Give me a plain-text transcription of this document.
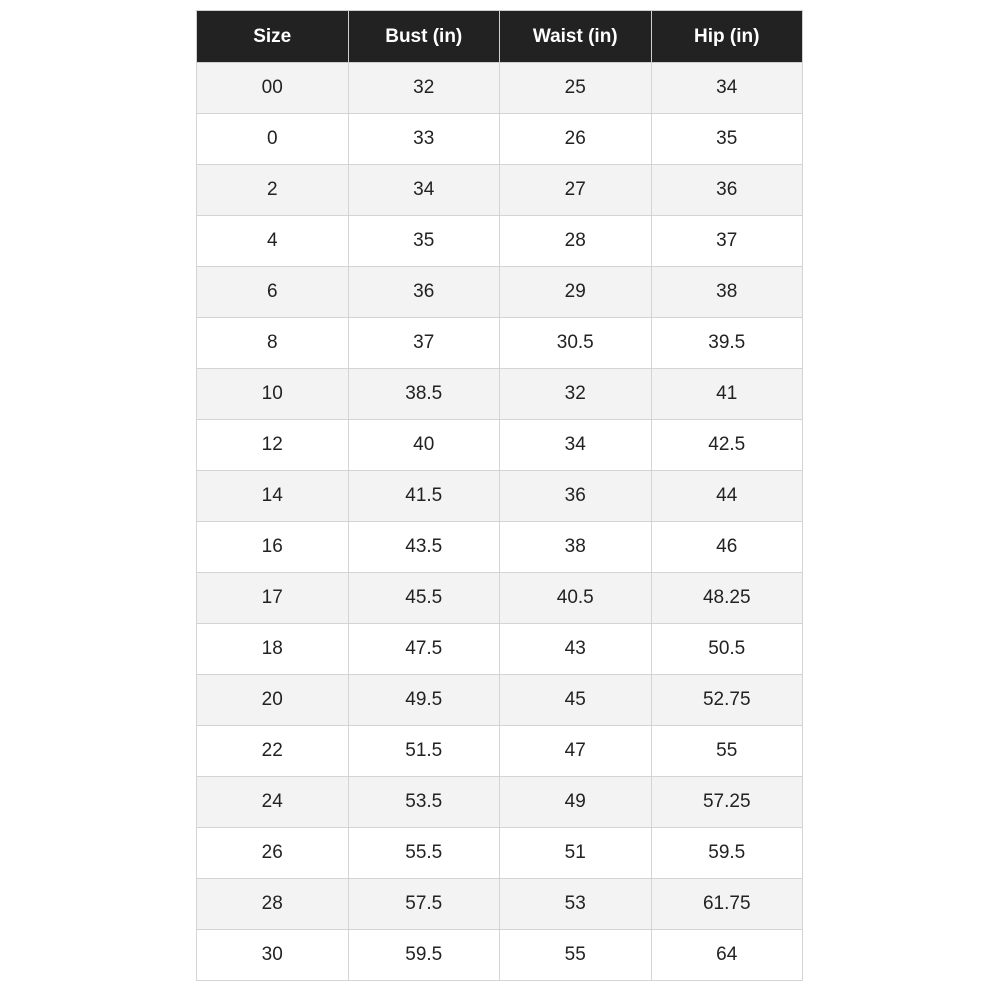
Size	Bust (in)	Waist (in)	Hip (in)
00	32	25	34
0	33	26	35
2	34	27	36
4	35	28	37
6	36	29	38
8	37	30.5	39.5
10	38.5	32	41
12	40	34	42.5
14	41.5	36	44
16	43.5	38	46
17	45.5	40.5	48.25
18	47.5	43	50.5
20	49.5	45	52.75
22	51.5	47	55
24	53.5	49	57.25
26	55.5	51	59.5
28	57.5	53	61.75
30	59.5	55	64
